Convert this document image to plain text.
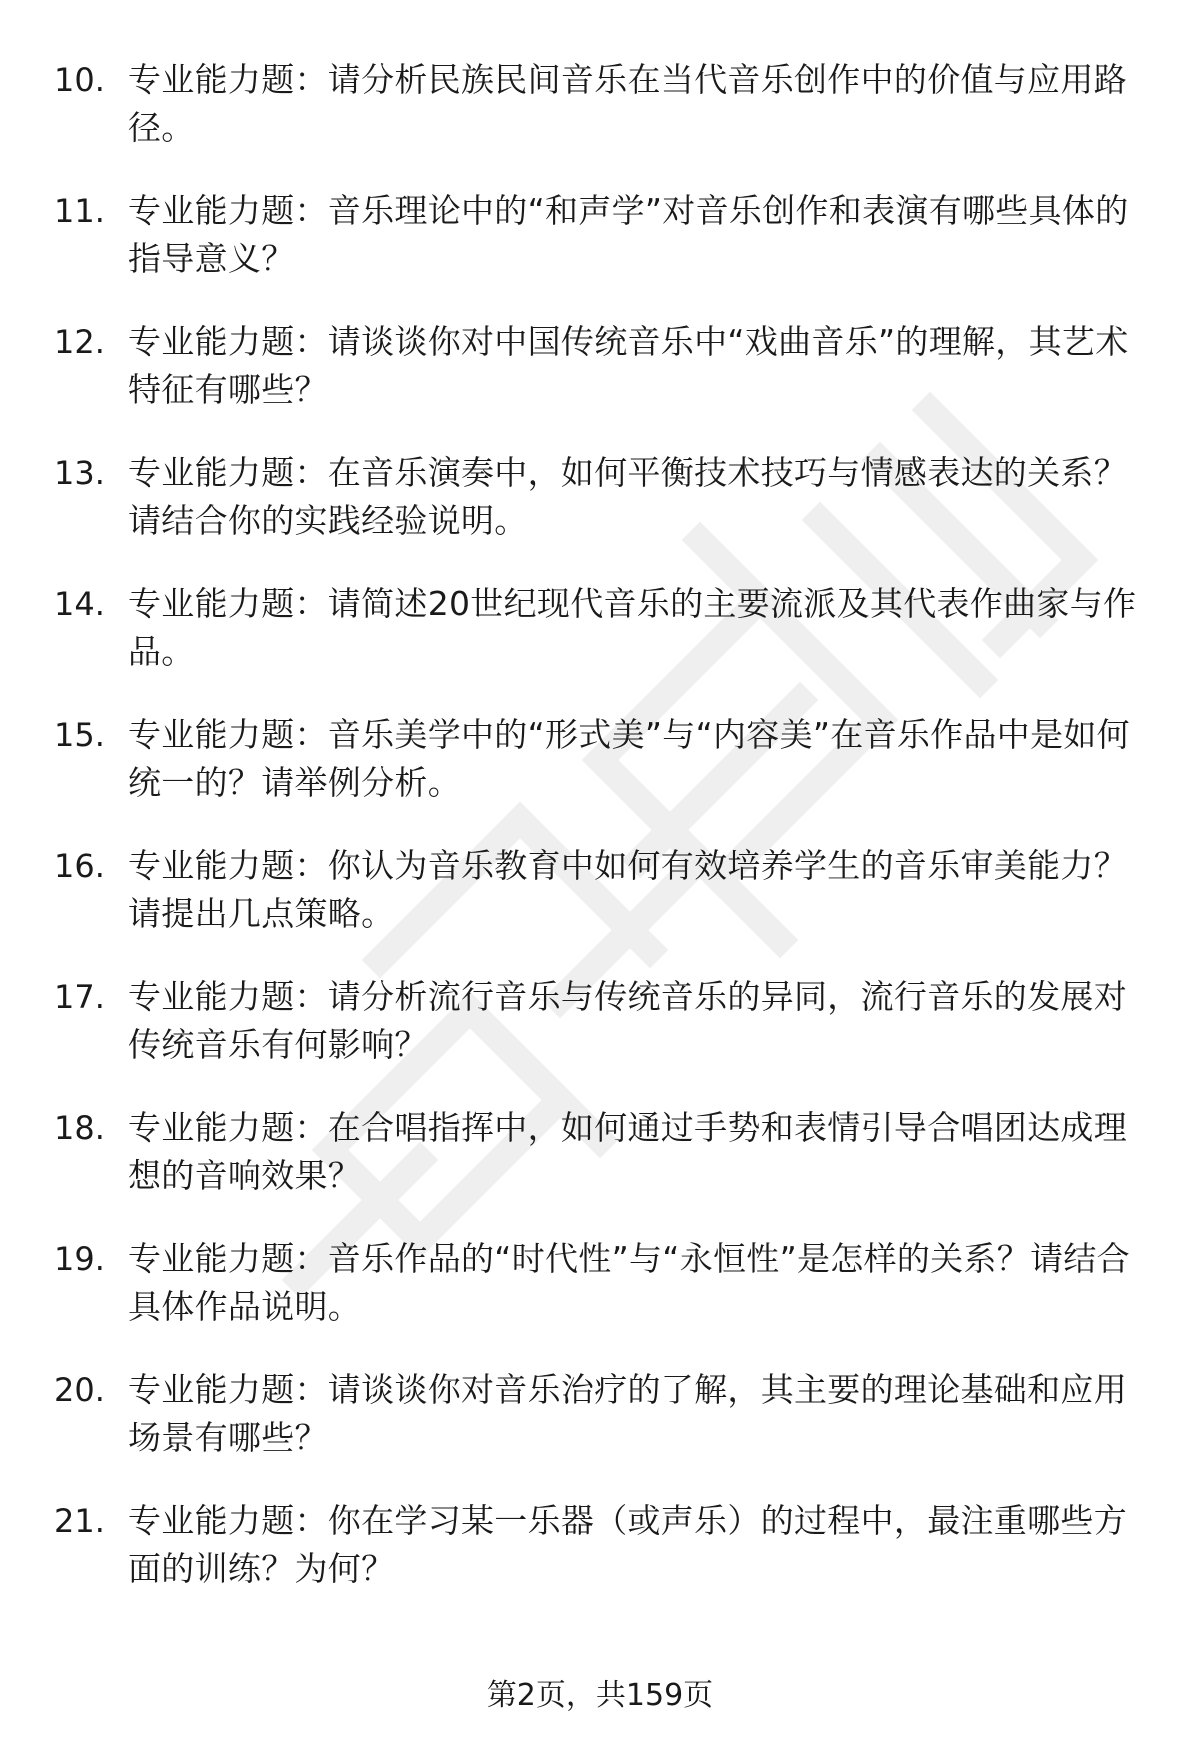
10. 专业能力题：请分析民族民间音乐在当代音乐创作中的价值与应用路径。
11. 专业能力题：音乐理论中的“和声学”对音乐创作和表演有哪些具体的指导意义？
12. 专业能力题：请谈谈你对中国传统音乐中“戏曲音乐”的理解，其艺术特征有哪些？
13. 专业能力题：在音乐演奏中，如何平衡技术技巧与情感表达的关系？请结合你的实践经验说明。
14. 专业能力题：请简述20世纪现代音乐的主要流派及其代表作曲家与作品。
15. 专业能力题：音乐美学中的“形式美”与“内容美”在音乐作品中是如何统一的？请举例分析。
16. 专业能力题：你认为音乐教育中如何有效培养学生的音乐审美能力？请提出几点策略。
17. 专业能力题：请分析流行音乐与传统音乐的异同，流行音乐的发展对传统音乐有何影响？
18. 专业能力题：在合唱指挥中，如何通过手势和表情引导合唱团达成理想的音响效果？
19. 专业能力题：音乐作品的“时代性”与“永恒性”是怎样的关系？请结合具体作品说明。
20. 专业能力题：请谈谈你对音乐治疗的了解，其主要的理论基础和应用场景有哪些？
21. 专业能力题：你在学习某一乐器（或声乐）的过程中，最注重哪些方面的训练？为何？
第2页，共159页
